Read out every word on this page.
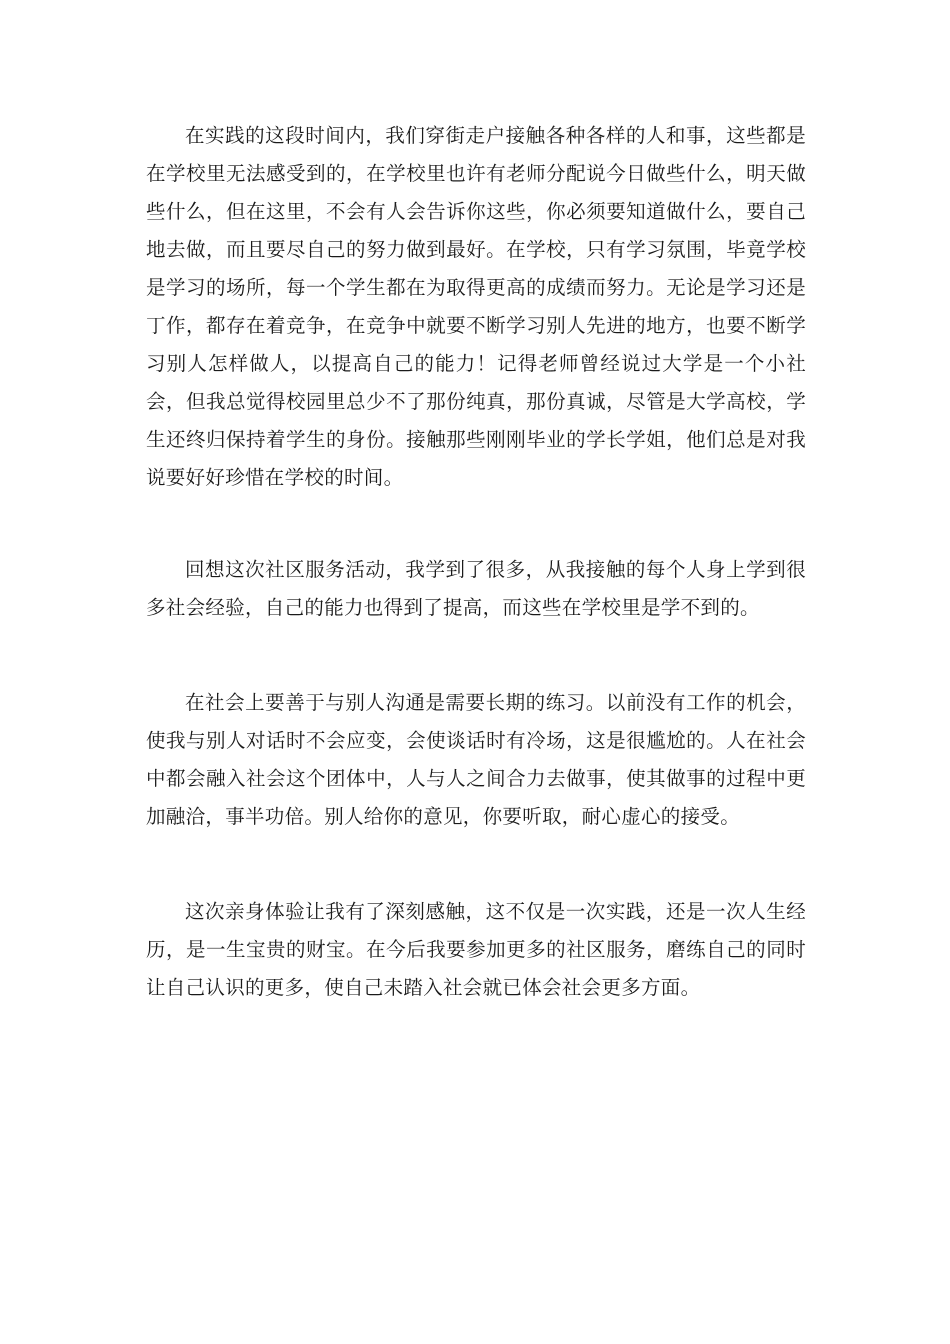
在实践的这段时间内，我们穿街走户接触各种各样的人和事，这些都是在学校里无法感受到的，在学校里也许有老师分配说今日做些什么，明天做些什么，但在这里，不会有人会告诉你这些，你必须要知道做什么，要自己地去做，而且要尽自己的努力做到最好。在学校，只有学习氛围，毕竟学校是学习的场所，每一个学生都在为取得更高的成绩而努力。无论是学习还是丁作，都存在着竞争，在竞争中就要不断学习别人先进的地方，也要不断学习别人怎样做人，以提高自己的能力！记得老师曾经说过大学是一个小社会，但我总觉得校园里总少不了那份纯真，那份真诚，尽管是大学高校，学生还终归保持着学生的身份。接触那些刚刚毕业的学长学姐，他们总是对我说要好好珍惜在学校的时间。

回想这次社区服务活动，我学到了很多，从我接触的每个人身上学到很多社会经验，自己的能力也得到了提高，而这些在学校里是学不到的。

在社会上要善于与别人沟通是需要长期的练习。以前没有工作的机会，使我与别人对话时不会应变，会使谈话时有冷场，这是很尴尬的。人在社会中都会融入社会这个团体中，人与人之间合力去做事，使其做事的过程中更加融洽，事半功倍。别人给你的意见，你要听取，耐心虚心的接受。

这次亲身体验让我有了深刻感触，这不仅是一次实践，还是一次人生经历，是一生宝贵的财宝。在今后我要参加更多的社区服务，磨练自己的同时让自己认识的更多，使自己未踏入社会就已体会社会更多方面。
